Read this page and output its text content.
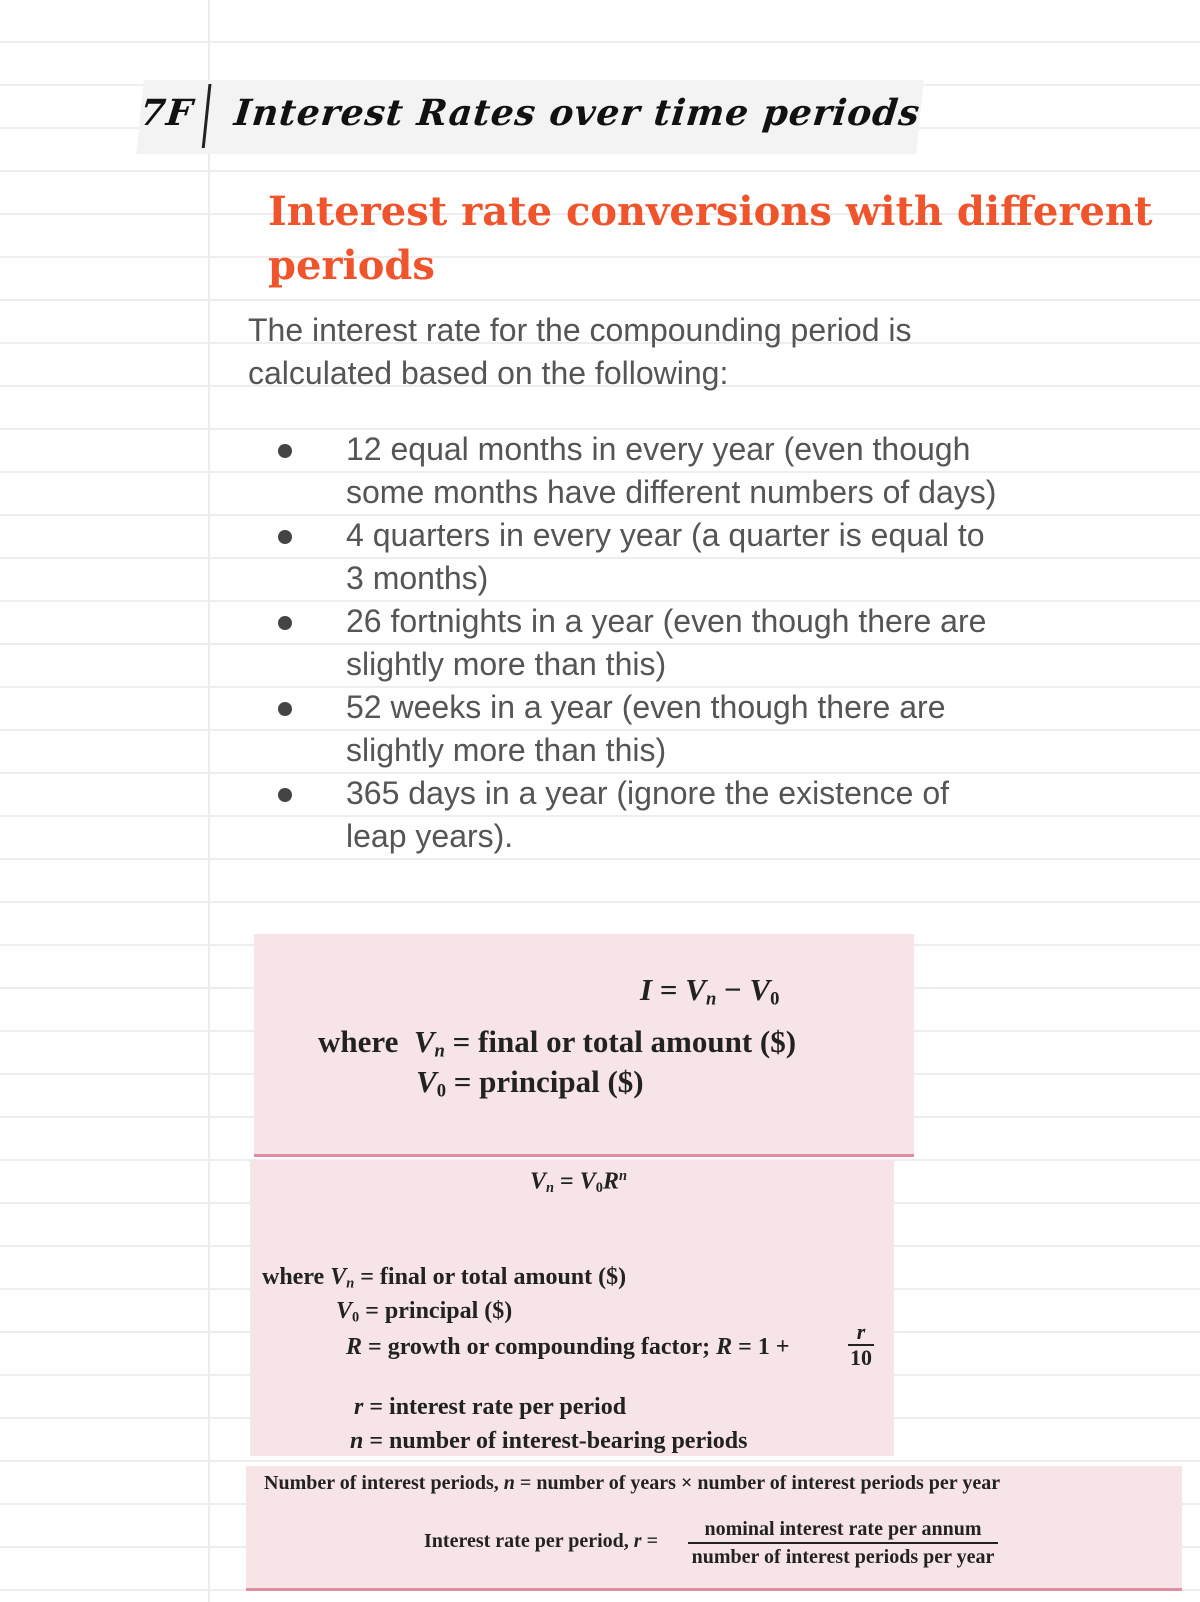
7F Interest Rates over time periods
Interest rate conversions with different periods

The interest rate for the compounding period is calculated based on the following:

12 equal months in every year (even though some months have different numbers of days)
4 quarters in every year (a quarter is equal to 3 months)
26 fortnights in a year (even though there are slightly more than this)
52 weeks in a year (even though there are slightly more than this)
365 days in a year (ignore the existence of leap years).
$I = V_n - V_0$
where $V_n$ = final or total amount ($)
$V_0$ = principal ($)
$V_n = V_0R^n$
where $V_n$ = final or total amount ($)
$V_0$ = principal ($)
R = growth or compounding factor; R = 1 +	$\frac{r}{10}$
r = interest rate per period
n = number of interest-bearing periods
Number of interest periods, n = number of years × number of interest periods per year
Interest rate per period, r =
nominal interest rate per annum
number of interest periods per year
